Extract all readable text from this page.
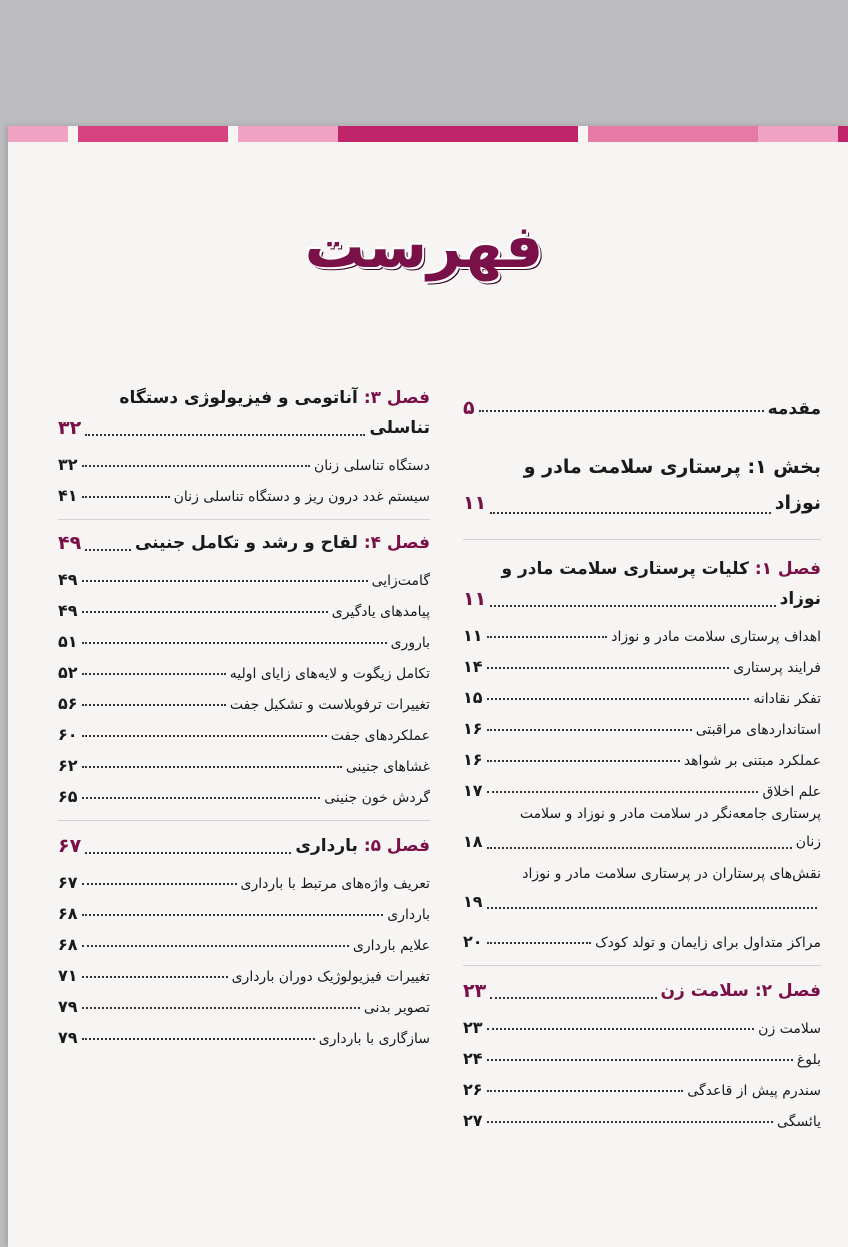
فهرست
مقدمه
۵
بخش ۱: پرستاری سلامت مادر و
نوزاد
۱۱
فصل ۱: کلیات پرستاری سلامت مادر و
نوزاد
۱۱
اهداف پرستاری سلامت مادر و نوزاد
۱۱
فرایند پرستاری
۱۴
تفکر نقادانه
۱۵
استانداردهای مراقبتی
۱۶
عملکرد مبتنی بر شواهد
۱۶
علم اخلاق
۱۷
پرستاری جامعه‌نگر در سلامت مادر و نوزاد و سلامت
زنان
۱۸
نقش‌های پرستاران در پرستاری سلامت مادر و نوزاد
۱۹
مراکز متداول برای زایمان و تولد کودک
۲۰
فصل ۲: سلامت زن
۲۳
سلامت زن
۲۳
بلوغ
۲۴
سندرم پیش از قاعدگی
۲۶
یائسگی
۲۷
فصل ۳: آناتومی و فیزیولوژی دستگاه
تناسلی
۳۲
دستگاه تناسلی زنان
۳۲
سیستم غدد درون ریز و دستگاه تناسلی زنان
۴۱
فصل ۴: لقاح و رشد و تکامل جنینی
۴۹
گامت‌زایی
۴۹
پیامدهای یادگیری
۴۹
باروری
۵۱
تکامل زیگوت و لایه‌های زایای اولیه
۵۲
تغییرات ترفوبلاست و تشکیل جفت
۵۶
عملکردهای جفت
۶۰
غشاهای جنینی
۶۲
گردش خون جنینی
۶۵
فصل ۵: بارداری
۶۷
تعریف واژه‌های مرتبط با بارداری
۶۷
بارداری
۶۸
علایم بارداری
۶۸
تغییرات فیزیولوژیک دوران بارداری
۷۱
تصویر بدنی
۷۹
سازگاری با بارداری
۷۹
